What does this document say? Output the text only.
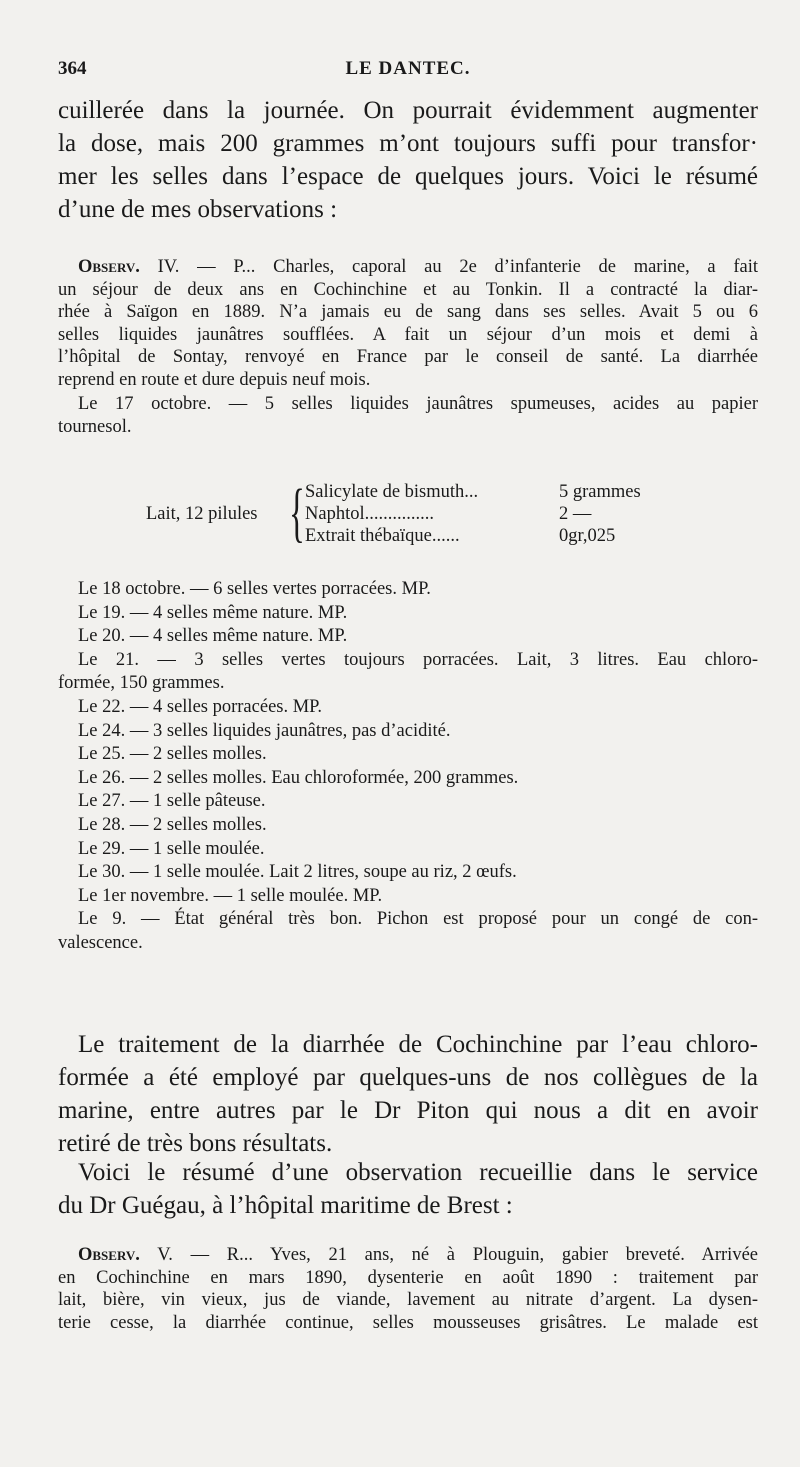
364	LE DANTEC.
cuillerée dans la journée. On pourrait évidemment augmenter
la dose, mais 200 grammes m’ont toujours suffi pour transfor·
mer les selles dans l’espace de quelques jours. Voici le résumé
d’une de mes observations :
Observ. IV. — P... Charles, caporal au 2e d’infanterie de marine, a fait
un séjour de deux ans en Cochinchine et au Tonkin. Il a contracté la diar-
rhée à Saïgon en 1889. N’a jamais eu de sang dans ses selles. Avait 5 ou 6
selles liquides jaunâtres soufflées. A fait un séjour d’un mois et demi à
l’hôpital de Sontay, renvoyé en France par le conseil de santé. La diarrhée
reprend en route et dure depuis neuf mois.
Le 17 octobre. — 5 selles liquides jaunâtres spumeuses, acides au papier
tournesol.
Lait, 12 pilules { Salicylate de bismuth...	5 grammes
Naphtol...............	2 —
Extrait thébaïque......	0gr,025
Le 18 octobre. — 6 selles vertes porracées. MP.
Le 19. — 4 selles même nature. MP.
Le 20. — 4 selles même nature. MP.
Le 21. — 3 selles vertes toujours porracées. Lait, 3 litres. Eau chloro-
formée, 150 grammes.
Le 22. — 4 selles porracées. MP.
Le 24. — 3 selles liquides jaunâtres, pas d’acidité.
Le 25. — 2 selles molles.
Le 26. — 2 selles molles. Eau chloroformée, 200 grammes.
Le 27. — 1 selle pâteuse.
Le 28. — 2 selles molles.
Le 29. — 1 selle moulée.
Le 30. — 1 selle moulée. Lait 2 litres, soupe au riz, 2 œufs.
Le 1er novembre. — 1 selle moulée. MP.
Le 9. — État général très bon. Pichon est proposé pour un congé de con-
valescence.
Le traitement de la diarrhée de Cochinchine par l’eau chloro-
formée a été employé par quelques-uns de nos collègues de la
marine, entre autres par le Dr Piton qui nous a dit en avoir
retiré de très bons résultats.
Voici le résumé d’une observation recueillie dans le service
du Dr Guégau, à l’hôpital maritime de Brest :
Observ. V. — R... Yves, 21 ans, né à Plouguin, gabier breveté. Arrivée
en Cochinchine en mars 1890, dysenterie en août 1890 : traitement par
lait, bière, vin vieux, jus de viande, lavement au nitrate d’argent. La dysen-
terie cesse, la diarrhée continue, selles mousseuses grisâtres. Le malade est
